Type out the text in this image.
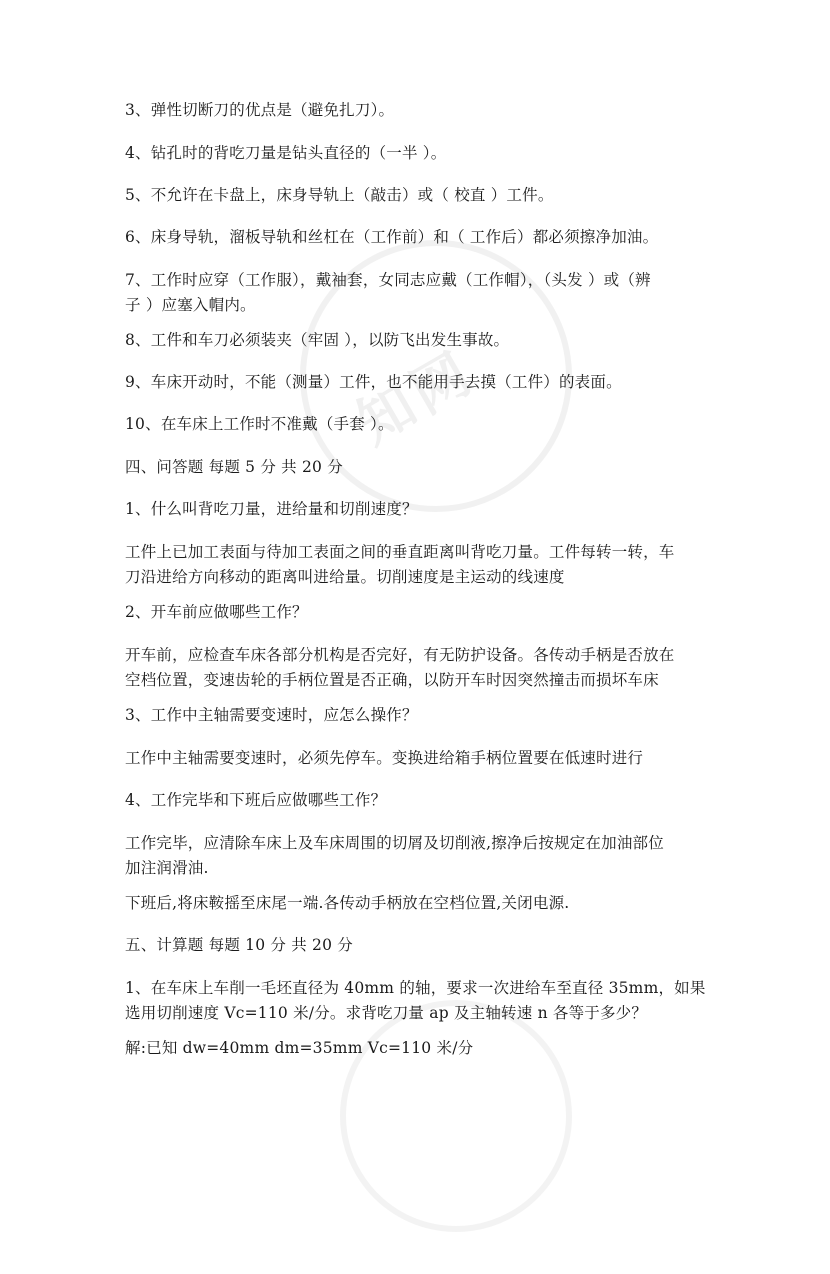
知网
3、弹性切断刀的优点是（避免扎刀）。
4、钻孔时的背吃刀量是钻头直径的（一半 ）。
5、不允许在卡盘上，床身导轨上（敲击）或（ 校直 ）工件。
6、床身导轨，溜板导轨和丝杠在（工作前）和（ 工作后）都必须擦净加油。
7、工作时应穿（工作服），戴袖套，女同志应戴（工作帽），（头发 ）或（辨
子 ）应塞入帽内。
8、工件和车刀必须装夹（牢固 ），以防飞出发生事故。
9、车床开动时，不能（测量）工件，也不能用手去摸（工件）的表面。
10、在车床上工作时不准戴（手套 ）。
四、问答题 每题 5 分 共 20 分
1、什么叫背吃刀量，进给量和切削速度？
工件上已加工表面与待加工表面之间的垂直距离叫背吃刀量。工件每转一转，车
刀沿进给方向移动的距离叫进给量。切削速度是主运动的线速度
2、开车前应做哪些工作？
开车前，应检查车床各部分机构是否完好，有无防护设备。各传动手柄是否放在
空档位置，变速齿轮的手柄位置是否正确，以防开车时因突然撞击而损坏车床
3、工作中主轴需要变速时，应怎么操作？
工作中主轴需要变速时，必须先停车。变换进给箱手柄位置要在低速时进行
4、工作完毕和下班后应做哪些工作？
工作完毕，应清除车床上及车床周围的切屑及切削液,擦净后按规定在加油部位
加注润滑油.
下班后,将床鞍摇至床尾一端.各传动手柄放在空档位置,关闭电源.
五、计算题 每题 10 分 共 20 分
1、在车床上车削一毛坯直径为 40mm 的轴，要求一次进给车至直径 35mm，如果
选用切削速度 Vc=110 米/分。求背吃刀量 ap 及主轴转速 n 各等于多少？
解:已知 dw=40mm dm=35mm Vc=110 米/分
